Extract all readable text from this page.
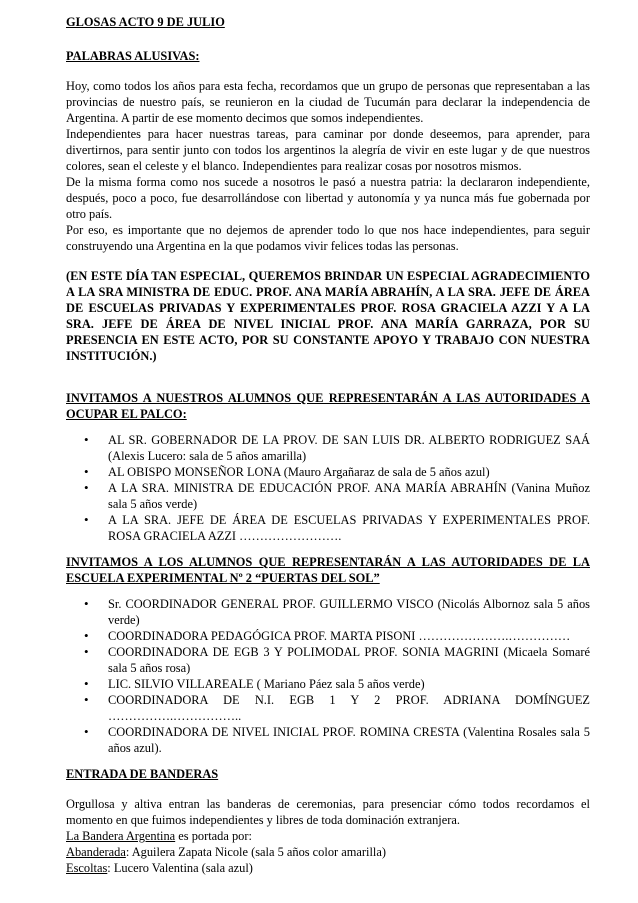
GLOSAS ACTO 9 DE JULIO

PALABRAS ALUSIVAS:

Hoy, como todos los años para esta fecha, recordamos que un grupo de personas que representaban a las provincias de nuestro país, se reunieron en la ciudad de Tucumán para declarar la independencia de Argentina. A partir de ese momento decimos que somos independientes.

Independientes para hacer nuestras tareas, para caminar por donde deseemos, para aprender, para divertirnos, para sentir junto con todos los argentinos la alegría de vivir en este lugar y de que nuestros colores, sean el celeste y el blanco. Independientes para realizar cosas por nosotros mismos.

De la misma forma como nos sucede a nosotros le pasó a nuestra patria: la declararon independiente, después, poco a poco, fue desarrollándose con libertad y autonomía y ya nunca más fue gobernada por otro país.

Por eso, es importante que no dejemos de aprender todo lo que nos hace independientes, para seguir construyendo una Argentina en la que podamos vivir felices todas las personas.

(EN ESTE DÍA TAN ESPECIAL, QUEREMOS BRINDAR UN ESPECIAL AGRADECIMIENTO A LA SRA MINISTRA DE EDUC. PROF. ANA MARÍA ABRAHÍN, A LA SRA. JEFE DE ÁREA DE ESCUELAS PRIVADAS Y EXPERIMENTALES PROF. ROSA GRACIELA AZZI Y A LA SRA. JEFE DE ÁREA DE NIVEL INICIAL PROF. ANA MARÍA GARRAZA, POR SU PRESENCIA EN ESTE ACTO, POR SU CONSTANTE APOYO Y TRABAJO CON NUESTRA INSTITUCIÓN.)

INVITAMOS A NUESTROS ALUMNOS QUE REPRESENTARÁN A LAS AUTORIDADES A OCUPAR EL PALCO:

• AL SR. GOBERNADOR DE LA PROV. DE SAN LUIS DR. ALBERTO RODRIGUEZ SAÁ (Alexis Lucero: sala de 5 años amarilla)
• AL OBISPO MONSEÑOR LONA (Mauro Argañaraz de sala de 5 años azul)
• A LA SRA. MINISTRA DE EDUCACIÓN PROF. ANA MARÍA ABRAHÍN (Vanina Muñoz sala 5 años verde)
• A LA SRA. JEFE DE ÁREA DE ESCUELAS PRIVADAS Y EXPERIMENTALES PROF. ROSA GRACIELA AZZI …………………….

INVITAMOS A LOS ALUMNOS QUE REPRESENTARÁN A LAS AUTORIDADES DE LA ESCUELA EXPERIMENTAL Nº 2 “PUERTAS DEL SOL”

• Sr. COORDINADOR GENERAL PROF. GUILLERMO VISCO (Nicolás Albornoz sala 5 años verde)
• COORDINADORA PEDAGÓGICA PROF. MARTA PISONI ………………….……………
• COORDINADORA DE EGB 3 Y POLIMODAL PROF. SONIA MAGRINI (Micaela Somaré sala 5 años rosa)
• LIC. SILVIO VILLAREALE ( Mariano Páez sala 5 años verde)
• COORDINADORA DE N.I. EGB 1 Y 2 PROF. ADRIANA DOMÍNGUEZ …………….……………..
• COORDINADORA DE NIVEL INICIAL PROF. ROMINA CRESTA (Valentina Rosales sala 5 años azul).

ENTRADA DE BANDERAS

Orgullosa y altiva entran las banderas de ceremonias, para presenciar cómo todos recordamos el momento en que fuimos independientes y libres de toda dominación extranjera.

La Bandera Argentina es portada por:

Abanderada: Aguilera Zapata Nicole (sala 5 años color amarilla)

Escoltas: Lucero Valentina (sala azul)
